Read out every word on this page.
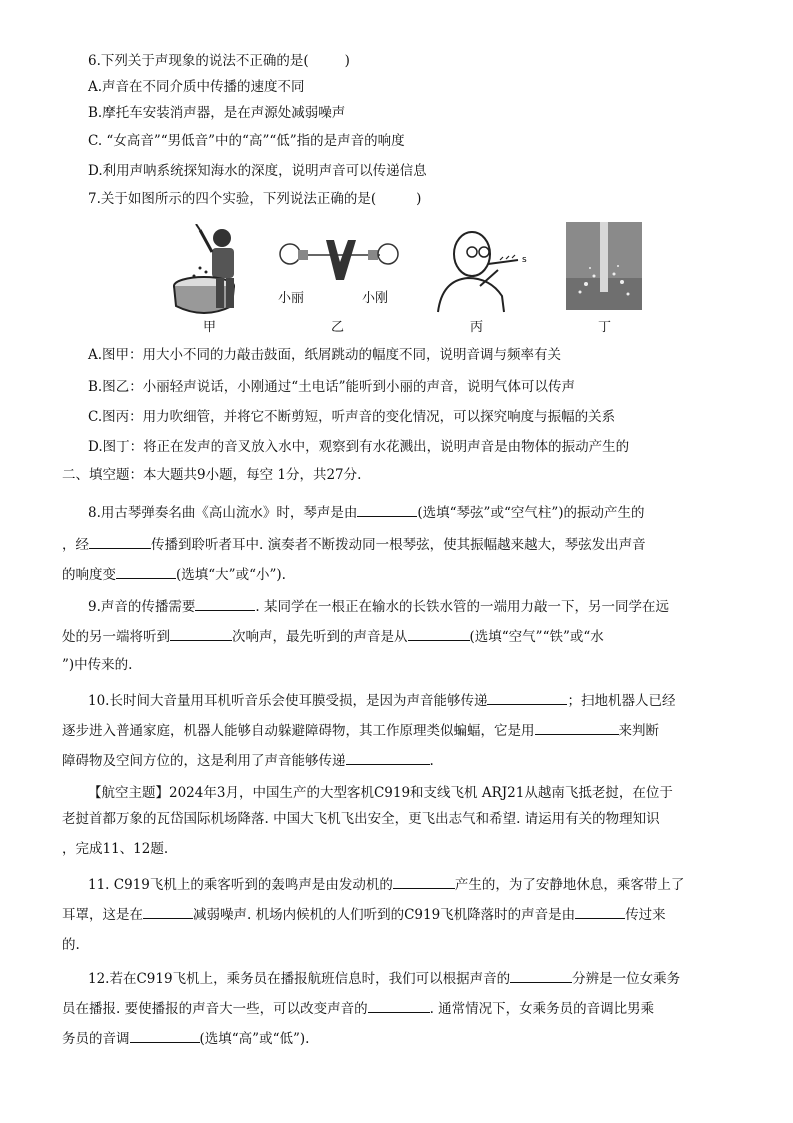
6.下列关于声现象的说法不正确的是(	)
A.声音在不同介质中传播的速度不同
B.摩托车安装消声器，是在声源处减弱噪声
C. “女高音”“男低音”中的“高”“低”指的是声音的响度
D.利用声呐系统探知海水的深度，说明声音可以传递信息
7.关于如图所示的四个实验，下列说法正确的是(	)
甲
小丽	小刚
乙
s
丙	丁
A.图甲：用大小不同的力敲击鼓面，纸屑跳动的幅度不同，说明音调与频率有关
B.图乙：小丽轻声说话，小刚通过“土电话”能听到小丽的声音，说明气体可以传声
C.图丙：用力吹细管，并将它不断剪短，听声音的变化情况，可以探究响度与振幅的关系
D.图丁：将正在发声的音叉放入水中，观察到有水花溅出，说明声音是由物体的振动产生的
二、填空题：本大题共9小题，每空 1分，共27分.
8.用古琴弹奏名曲《高山流水》时，琴声是由	(选填“琴弦”或“空气柱”)的振动产生的
，经	传播到聆听者耳中. 演奏者不断拨动同一根琴弦，使其振幅越来越大，琴弦发出声音
的响度变	(选填“大”或“小”).
9.声音的传播需要	. 某同学在一根正在输水的长铁水管的一端用力敲一下，另一同学在远
处的另一端将听到	次响声，最先听到的声音是从	(选填“空气”“铁”或“水
”)中传来的.
10.长时间大音量用耳机听音乐会使耳膜受损，是因为声音能够传递	；扫地机器人已经
逐步进入普通家庭，机器人能够自动躲避障碍物，其工作原理类似蝙蝠，它是用	来判断
障碍物及空间方位的，这是利用了声音能够传递	.
【航空主题】2024年3月，中国生产的大型客机C919和支线飞机 ARJ21从越南飞抵老挝，在位于
老挝首都万象的瓦岱国际机场降落. 中国大飞机飞出安全，更飞出志气和希望. 请运用有关的物理知识
，完成11、12题.
11. C919飞机上的乘客听到的轰鸣声是由发动机的	产生的，为了安静地休息，乘客带上了
耳罩，这是在	减弱噪声. 机场内候机的人们听到的C919飞机降落时的声音是由	传过来
的.
12.若在C919飞机上，乘务员在播报航班信息时，我们可以根据声音的	分辨是一位女乘务
员在播报. 要使播报的声音大一些，可以改变声音的	. 通常情况下，女乘务员的音调比男乘
务员的音调	(选填“高”或“低”).
